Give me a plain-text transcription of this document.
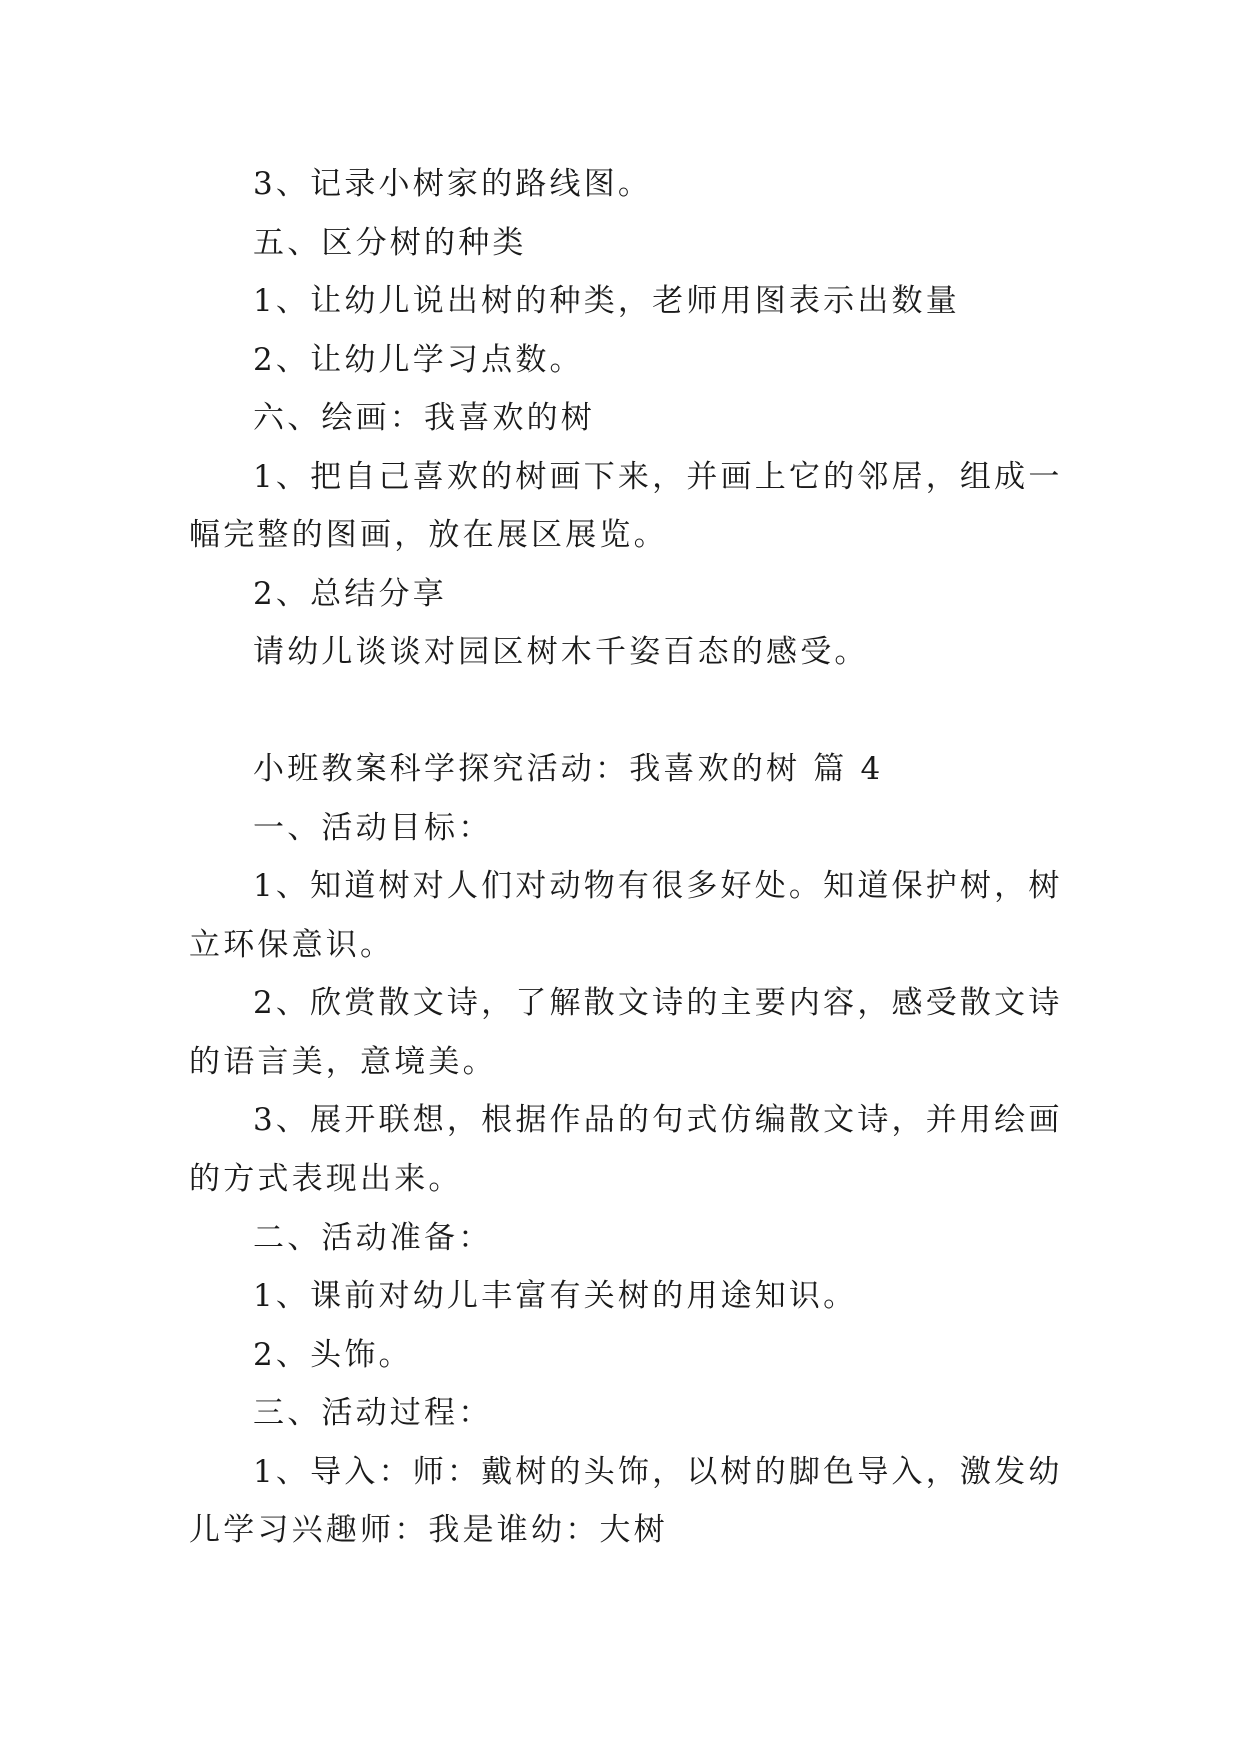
3、记录小树家的路线图。
五、区分树的种类
1、让幼儿说出树的种类，老师用图表示出数量
2、让幼儿学习点数。
六、绘画：我喜欢的树
1、把自己喜欢的树画下来，并画上它的邻居，组成一
幅完整的图画，放在展区展览。
2、总结分享
请幼儿谈谈对园区树木千姿百态的感受。
小班教案科学探究活动：我喜欢的树 篇 4
一、活动目标：
1、知道树对人们对动物有很多好处。知道保护树，树
立环保意识。
2、欣赏散文诗，了解散文诗的主要内容，感受散文诗
的语言美，意境美。
3、展开联想，根据作品的句式仿编散文诗，并用绘画
的方式表现出来。
二、活动准备：
1、课前对幼儿丰富有关树的用途知识。
2、头饰。
三、活动过程：
1、导入：师：戴树的头饰，以树的脚色导入，激发幼
儿学习兴趣师：我是谁幼：大树
